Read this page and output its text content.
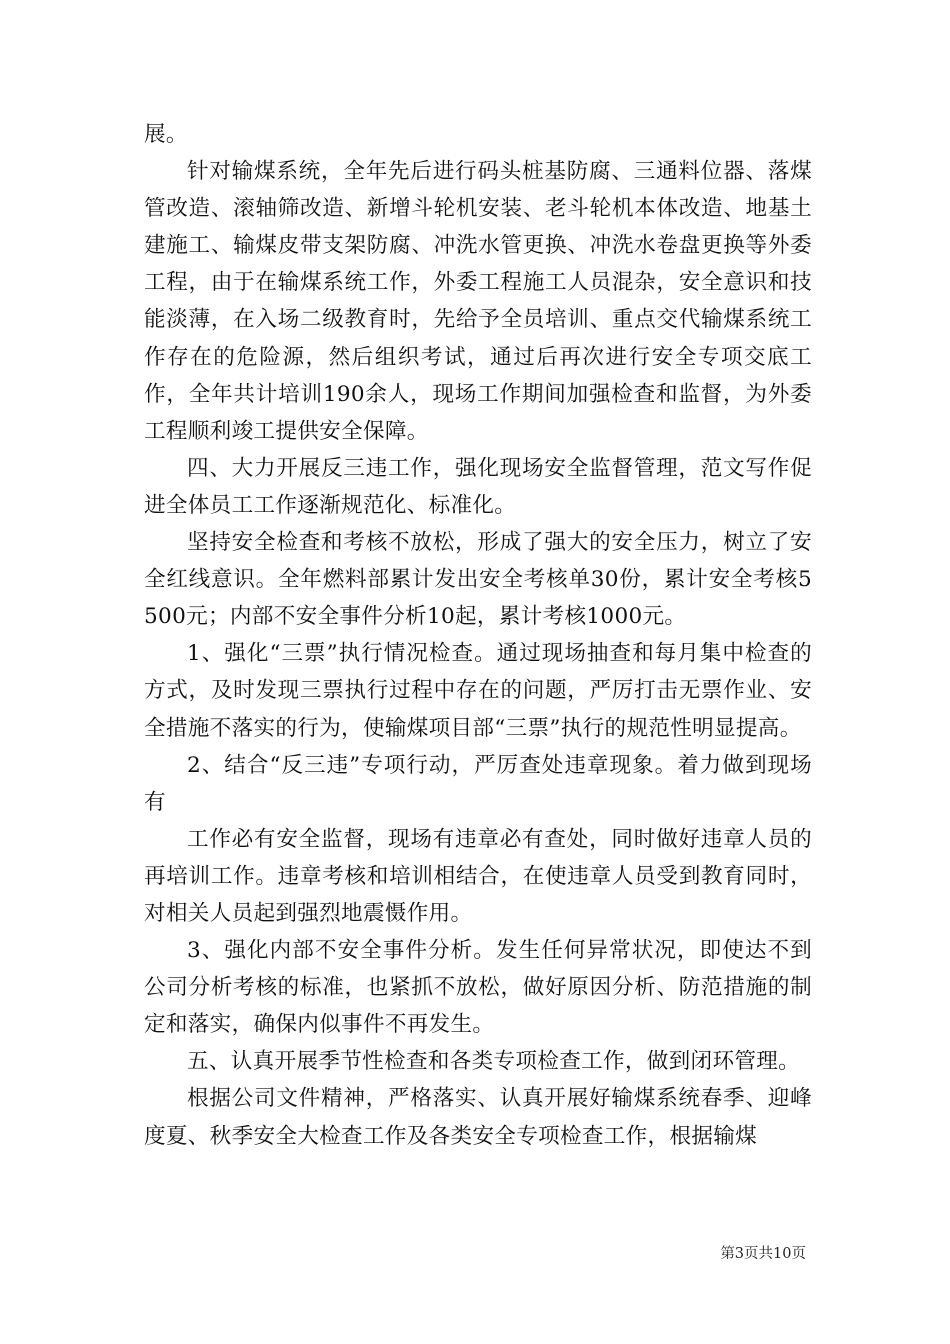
展。

针对输煤系统，全年先后进行码头桩基防腐、三通料位器、落煤管改造、滚轴筛改造、新增斗轮机安装、老斗轮机本体改造、地基土建施工、输煤皮带支架防腐、冲洗水管更换、冲洗水卷盘更换等外委工程，由于在输煤系统工作，外委工程施工人员混杂，安全意识和技能淡薄，在入场二级教育时，先给予全员培训、重点交代输煤系统工作存在的危险源，然后组织考试，通过后再次进行安全专项交底工作，全年共计培训190余人，现场工作期间加强检查和监督，为外委工程顺利竣工提供安全保障。

四、大力开展反三违工作，强化现场安全监督管理，范文写作促进全体员工工作逐渐规范化、标准化。

坚持安全检查和考核不放松，形成了强大的安全压力，树立了安全红线意识。全年燃料部累计发出安全考核单30份，累计安全考核5500元；内部不安全事件分析10起，累计考核1000元。

1、强化“三票”执行情况检查。通过现场抽查和每月集中检查的方式，及时发现三票执行过程中存在的问题，严厉打击无票作业、安全措施不落实的行为，使输煤项目部“三票”执行的规范性明显提高。

2、结合“反三违”专项行动，严厉查处违章现象。着力做到现场有

工作必有安全监督，现场有违章必有查处，同时做好违章人员的再培训工作。违章考核和培训相结合，在使违章人员受到教育同时，对相关人员起到强烈地震慑作用。

3、强化内部不安全事件分析。发生任何异常状况，即使达不到公司分析考核的标准，也紧抓不放松，做好原因分析、防范措施的制定和落实，确保内似事件不再发生。

五、认真开展季节性检查和各类专项检查工作，做到闭环管理。

根据公司文件精神，严格落实、认真开展好输煤系统春季、迎峰度夏、秋季安全大检查工作及各类安全专项检查工作，根据输煤

第3页共10页
